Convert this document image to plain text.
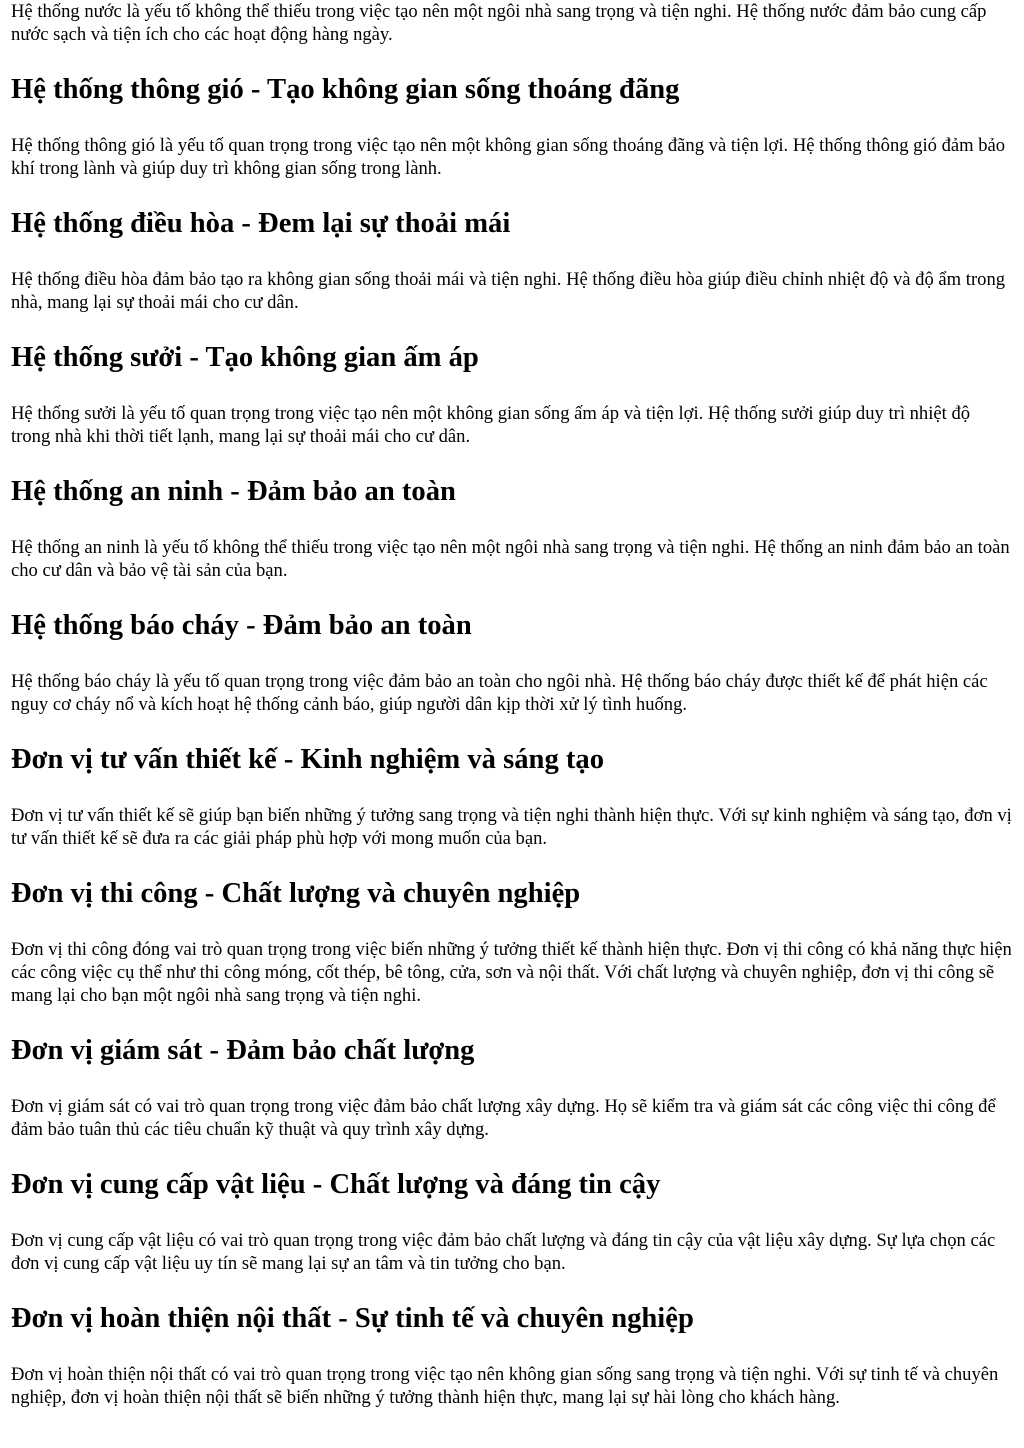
Hệ thống nước là yếu tố không thể thiếu trong việc tạo nên một ngôi nhà sang trọng và tiện nghi. Hệ thống nước đảm bảo cung cấp nước sạch và tiện ích cho các hoạt động hàng ngày.

Hệ thống thông gió - Tạo không gian sống thoáng đãng

Hệ thống thông gió là yếu tố quan trọng trong việc tạo nên một không gian sống thoáng đãng và tiện lợi. Hệ thống thông gió đảm bảo khí trong lành và giúp duy trì không gian sống trong lành.

Hệ thống điều hòa - Đem lại sự thoải mái

Hệ thống điều hòa đảm bảo tạo ra không gian sống thoải mái và tiện nghi. Hệ thống điều hòa giúp điều chỉnh nhiệt độ và độ ẩm trong nhà, mang lại sự thoải mái cho cư dân.

Hệ thống sưởi - Tạo không gian ấm áp

Hệ thống sưởi là yếu tố quan trọng trong việc tạo nên một không gian sống ấm áp và tiện lợi. Hệ thống sưởi giúp duy trì nhiệt độ trong nhà khi thời tiết lạnh, mang lại sự thoải mái cho cư dân.

Hệ thống an ninh - Đảm bảo an toàn

Hệ thống an ninh là yếu tố không thể thiếu trong việc tạo nên một ngôi nhà sang trọng và tiện nghi. Hệ thống an ninh đảm bảo an toàn cho cư dân và bảo vệ tài sản của bạn.

Hệ thống báo cháy - Đảm bảo an toàn

Hệ thống báo cháy là yếu tố quan trọng trong việc đảm bảo an toàn cho ngôi nhà. Hệ thống báo cháy được thiết kế để phát hiện các nguy cơ cháy nổ và kích hoạt hệ thống cảnh báo, giúp người dân kịp thời xử lý tình huống.

Đơn vị tư vấn thiết kế - Kinh nghiệm và sáng tạo

Đơn vị tư vấn thiết kế sẽ giúp bạn biến những ý tưởng sang trọng và tiện nghi thành hiện thực. Với sự kinh nghiệm và sáng tạo, đơn vị tư vấn thiết kế sẽ đưa ra các giải pháp phù hợp với mong muốn của bạn.

Đơn vị thi công - Chất lượng và chuyên nghiệp

Đơn vị thi công đóng vai trò quan trọng trong việc biến những ý tưởng thiết kế thành hiện thực. Đơn vị thi công có khả năng thực hiện các công việc cụ thể như thi công móng, cốt thép, bê tông, cửa, sơn và nội thất. Với chất lượng và chuyên nghiệp, đơn vị thi công sẽ mang lại cho bạn một ngôi nhà sang trọng và tiện nghi.

Đơn vị giám sát - Đảm bảo chất lượng

Đơn vị giám sát có vai trò quan trọng trong việc đảm bảo chất lượng xây dựng. Họ sẽ kiểm tra và giám sát các công việc thi công để đảm bảo tuân thủ các tiêu chuẩn kỹ thuật và quy trình xây dựng.

Đơn vị cung cấp vật liệu - Chất lượng và đáng tin cậy

Đơn vị cung cấp vật liệu có vai trò quan trọng trong việc đảm bảo chất lượng và đáng tin cậy của vật liệu xây dựng. Sự lựa chọn các đơn vị cung cấp vật liệu uy tín sẽ mang lại sự an tâm và tin tưởng cho bạn.

Đơn vị hoàn thiện nội thất - Sự tinh tế và chuyên nghiệp

Đơn vị hoàn thiện nội thất có vai trò quan trọng trong việc tạo nên không gian sống sang trọng và tiện nghi. Với sự tinh tế và chuyên nghiệp, đơn vị hoàn thiện nội thất sẽ biến những ý tưởng thành hiện thực, mang lại sự hài lòng cho khách hàng.
